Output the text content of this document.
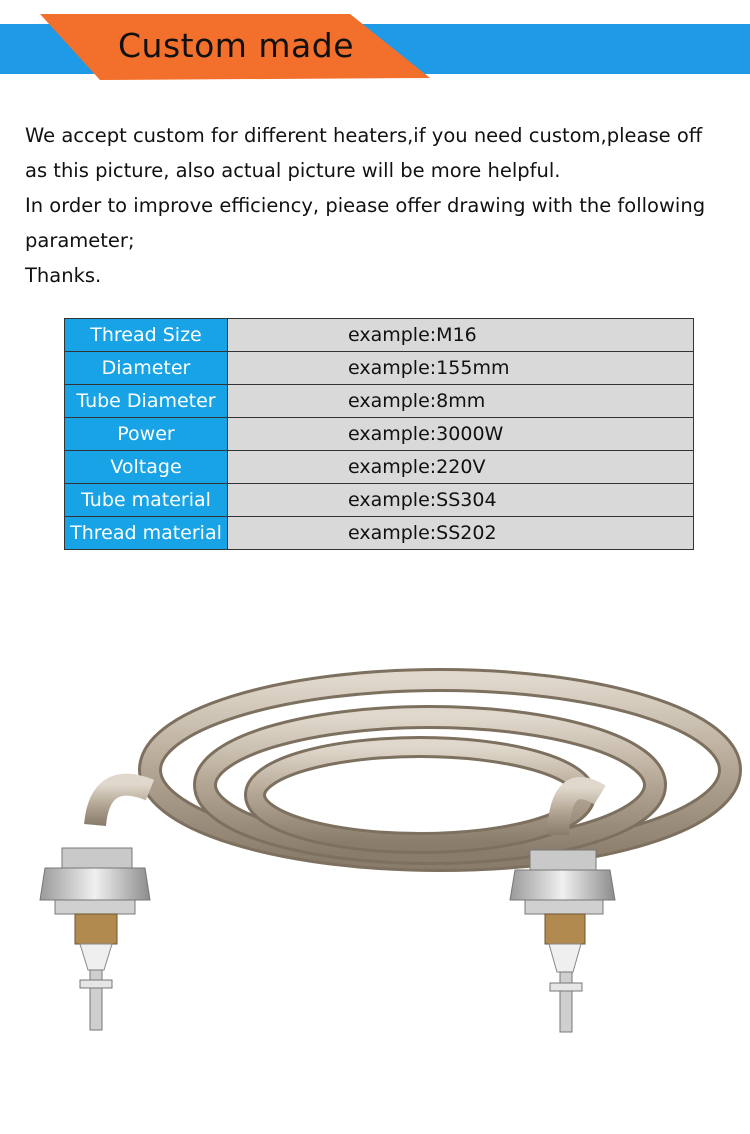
Custom made
We accept custom for different heaters,if you need custom,please off
as this picture, also actual picture will be more helpful.
In order to improve efficiency, piease offer drawing with the following
parameter;
Thanks.
Thread Size	example:M16
Diameter	example:155mm
Tube Diameter	example:8mm
Power	example:3000W
Voltage	example:220V
Tube material	example:SS304
Thread material	example:SS202
